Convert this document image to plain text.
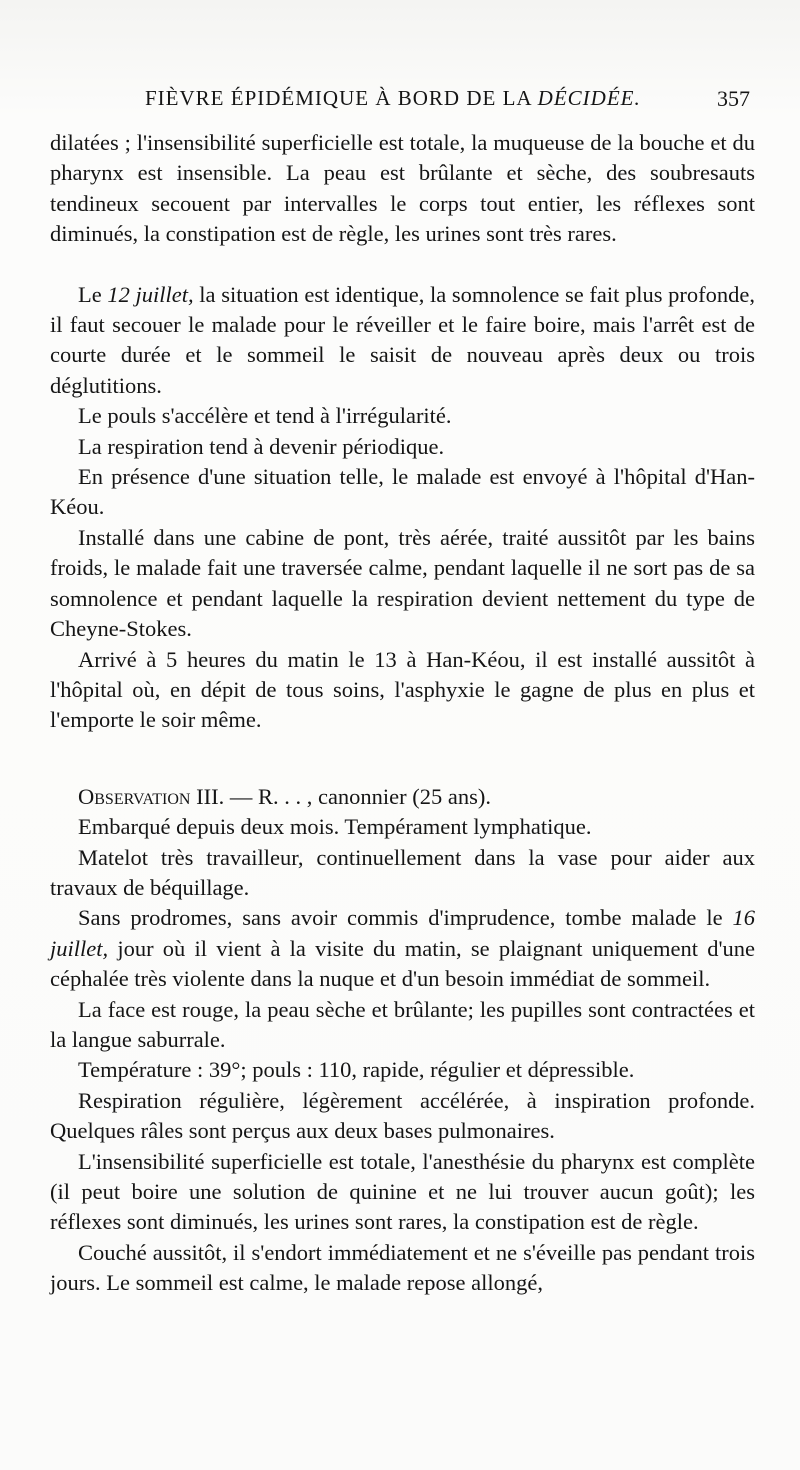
FIÈVRE ÉPIDÉMIQUE À BORD DE LA DÉCIDÉE.	357

dilatées ; l'insensibilité superficielle est totale, la muqueuse de la bouche et du pharynx est insensible. La peau est brûlante et sèche, des soubresauts tendineux secouent par intervalles le corps tout entier, les réflexes sont diminués, la constipation est de règle, les urines sont très rares.

Le 12 juillet, la situation est identique, la somnolence se fait plus profonde, il faut secouer le malade pour le réveiller et le faire boire, mais l'arrêt est de courte durée et le sommeil le saisit de nouveau après deux ou trois déglutitions.

Le pouls s'accélère et tend à l'irrégularité.

La respiration tend à devenir périodique.

En présence d'une situation telle, le malade est envoyé à l'hôpital d'Han-Kéou.

Installé dans une cabine de pont, très aérée, traité aussitôt par les bains froids, le malade fait une traversée calme, pendant laquelle il ne sort pas de sa somnolence et pendant laquelle la respiration devient nettement du type de Cheyne-Stokes.

Arrivé à 5 heures du matin le 13 à Han-Kéou, il est installé aussitôt à l'hôpital où, en dépit de tous soins, l'asphyxie le gagne de plus en plus et l'emporte le soir même.

Observation III. — R. . . , canonnier (25 ans).

Embarqué depuis deux mois. Tempérament lymphatique.

Matelot très travailleur, continuellement dans la vase pour aider aux travaux de béquillage.

Sans prodromes, sans avoir commis d'imprudence, tombe malade le 16 juillet, jour où il vient à la visite du matin, se plaignant uniquement d'une céphalée très violente dans la nuque et d'un besoin immédiat de sommeil.

La face est rouge, la peau sèche et brûlante; les pupilles sont contractées et la langue saburrale.

Température : 39°; pouls : 110, rapide, régulier et dépressible.

Respiration régulière, légèrement accélérée, à inspiration profonde. Quelques râles sont perçus aux deux bases pulmonaires.

L'insensibilité superficielle est totale, l'anesthésie du pharynx est complète (il peut boire une solution de quinine et ne lui trouver aucun goût); les réflexes sont diminués, les urines sont rares, la constipation est de règle.

Couché aussitôt, il s'endort immédiatement et ne s'éveille pas pendant trois jours. Le sommeil est calme, le malade repose allongé,
